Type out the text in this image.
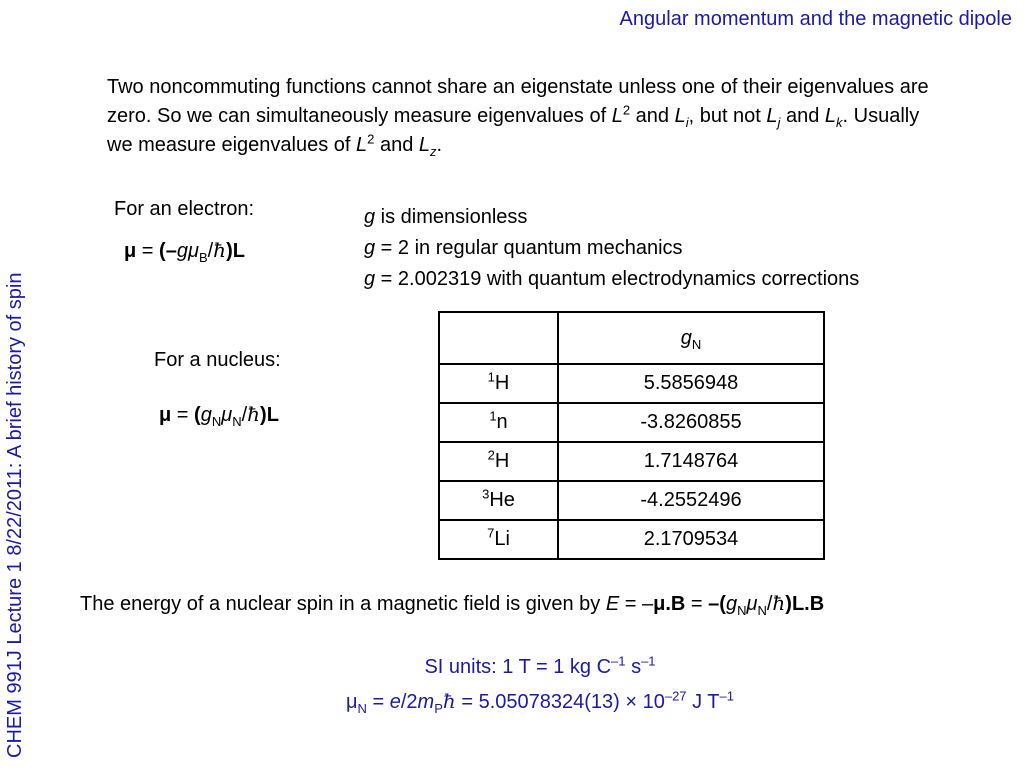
Angular momentum and the magnetic dipole
CHEM 991J Lecture 1 8/22/2011: A brief history of spin
Two noncommuting functions cannot share an eigenstate unless one of their eigenvalues are zero. So we can simultaneously measure eigenvalues of $L^2$ and $L_i$, but not $L_j$ and $L_k$. Usually we measure eigenvalues of $L^2$ and $L_z$.
For an electron:
$\mu = (-g\mu_B/ħ)L$
g is dimensionless
g = 2 in regular quantum mechanics
g = 2.002319 with quantum electrodynamics corrections
For a nucleus:
$\mu = (g_N\mu_N/ħ)L$
	$g_N$
$^1$H	5.5856948
$^1$n	-3.8260855
$^2$H	1.7148764
$^3$He	-4.2552496
$^7$Li	2.1709534
The energy of a nuclear spin in a magnetic field is given by $E = -\mu.B = -(g_N\mu_N/ħ)L.B$
SI units: 1 T = 1 kg $C^{-1}$ $s^{-1}$
$\mu_N$ = $e/2m_Pħ = 5.05078324(13) \times 10^{-27}$ J $T^{-1}$
